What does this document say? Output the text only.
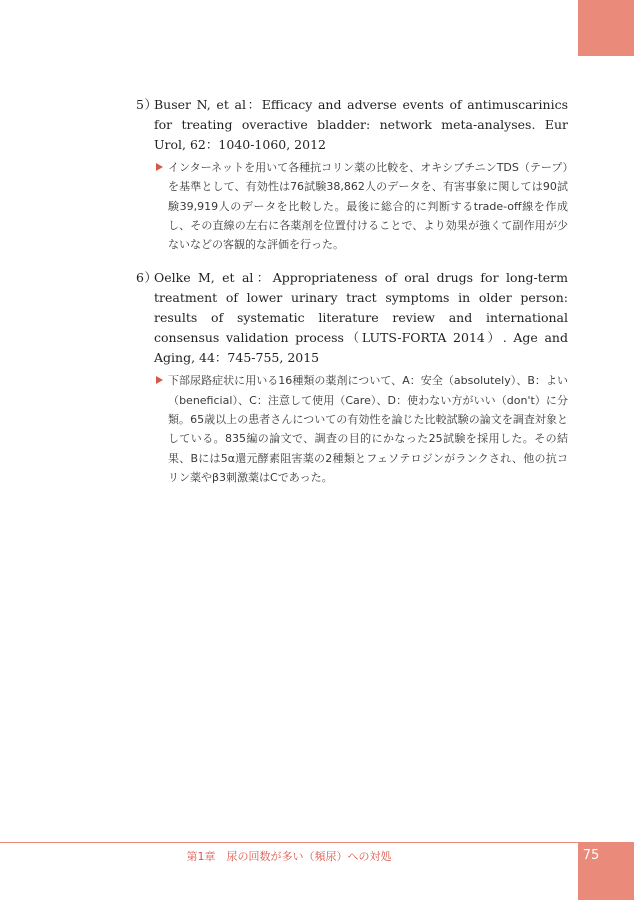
5）
Buser N, et al：Efficacy and adverse events of antimuscarinics for treating overactive bladder: network meta-analyses. Eur Urol, 62：1040-1060, 2012
インターネットを用いて各種抗コリン薬の比較を、オキシブチニンTDS（テープ）を基準として、有効性は76試験38,862人のデータを、有害事象に関しては90試験39,919人のデータを比較した。最後に総合的に判断するtrade-off線を作成し、その直線の左右に各薬剤を位置付けることで、より効果が強くて副作用が少ないなどの客観的な評価を行った。
6）
Oelke M, et al：Appropriateness of oral drugs for long-term treatment of lower urinary tract symptoms in older person: results of systematic literature review and international consensus validation process（LUTS-FORTA 2014）. Age and Aging, 44：745-755, 2015
下部尿路症状に用いる16種類の薬剤について、A：安全（absolutely）、B：よい（beneficial）、C：注意して使用（Care）、D：使わない方がいい（don't）に分類。65歳以上の患者さんについての有効性を論じた比較試験の論文を調査対象としている。835編の論文で、調査の目的にかなった25試験を採用した。その結果、Bには5α還元酵素阻害薬の2種類とフェソテロジンがランクされ、他の抗コリン薬やβ3刺激薬はCであった。
第1章　尿の回数が多い（頻尿）への対処	75
